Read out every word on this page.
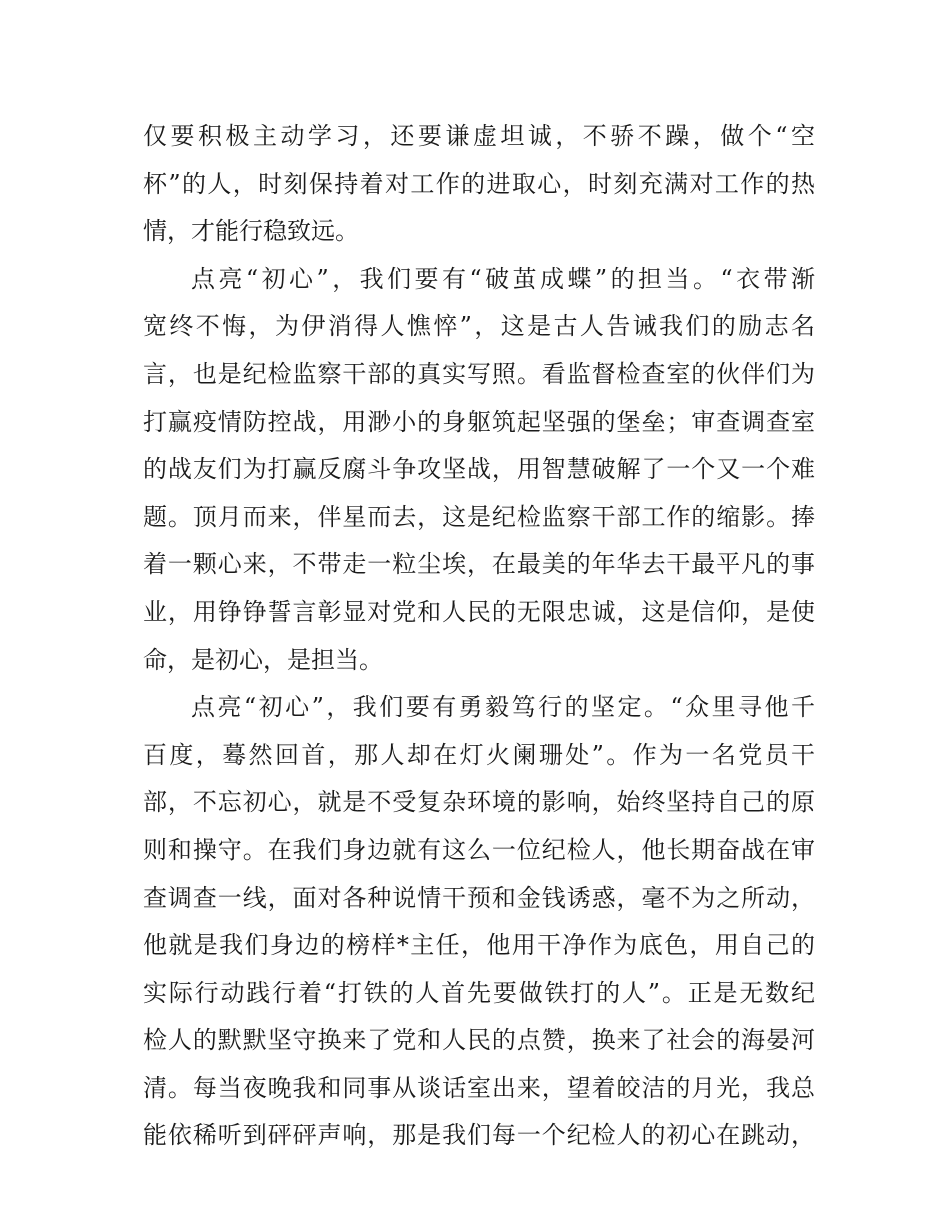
仅要积极主动学习，还要谦虚坦诚，不骄不躁，做个“空
杯”的人，时刻保持着对工作的进取心，时刻充满对工作的热
情，才能行稳致远。
点亮“初心”，我们要有“破茧成蝶”的担当。“衣带渐
宽终不悔，为伊消得人憔悴”，这是古人告诫我们的励志名
言，也是纪检监察干部的真实写照。看监督检查室的伙伴们为
打赢疫情防控战，用渺小的身躯筑起坚强的堡垒；审查调查室
的战友们为打赢反腐斗争攻坚战，用智慧破解了一个又一个难
题。顶月而来，伴星而去，这是纪检监察干部工作的缩影。捧
着一颗心来，不带走一粒尘埃，在最美的年华去干最平凡的事
业，用铮铮誓言彰显对党和人民的无限忠诚，这是信仰，是使
命，是初心，是担当。
点亮“初心”，我们要有勇毅笃行的坚定。“众里寻他千
百度，蓦然回首，那人却在灯火阑珊处”。作为一名党员干
部，不忘初心，就是不受复杂环境的影响，始终坚持自己的原
则和操守。在我们身边就有这么一位纪检人，他长期奋战在审
查调查一线，面对各种说情干预和金钱诱惑，毫不为之所动，
他就是我们身边的榜样*主任，他用干净作为底色，用自己的
实际行动践行着“打铁的人首先要做铁打的人”。正是无数纪
检人的默默坚守换来了党和人民的点赞，换来了社会的海晏河
清。每当夜晚我和同事从谈话室出来，望着皎洁的月光，我总
能依稀听到砰砰声响，那是我们每一个纪检人的初心在跳动，
